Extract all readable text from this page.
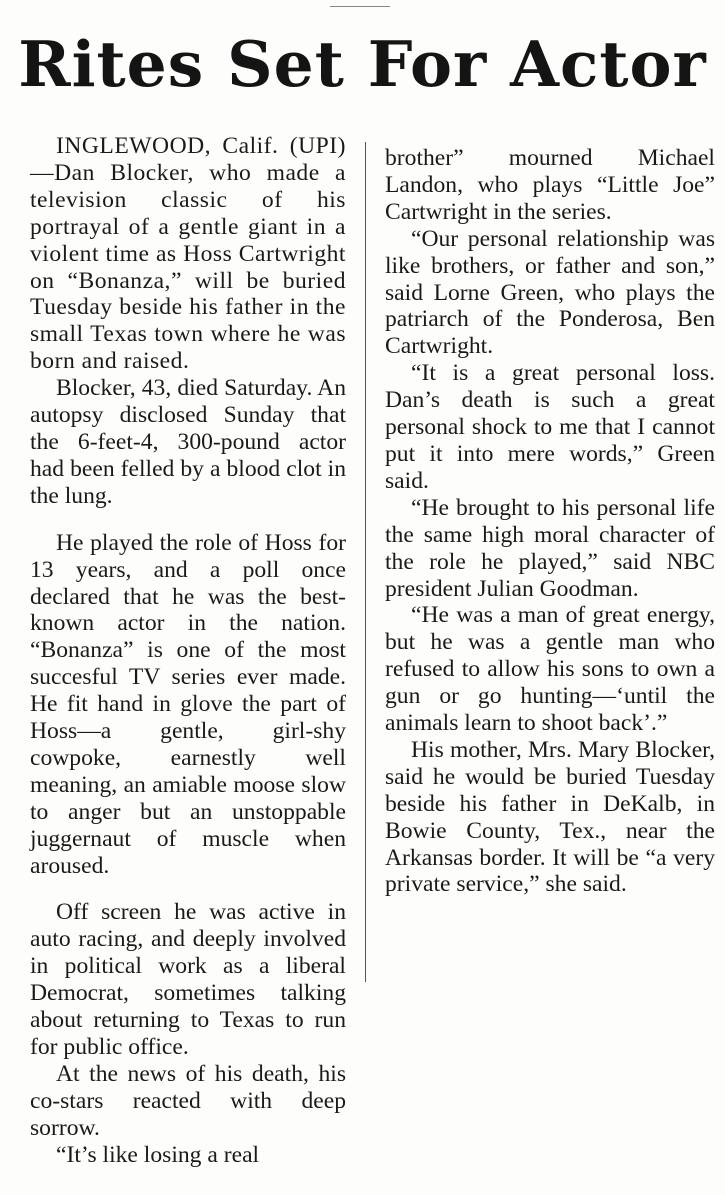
Rites Set For Actor

INGLEWOOD, Calif. (UPI)—Dan Blocker, who made a television classic of his portrayal of a gentle giant in a violent time as Hoss Cartwright on “Bonanza,” will be buried Tuesday beside his father in the small Texas town where he was born and raised.

Blocker, 43, died Saturday. An autopsy disclosed Sunday that the 6-feet-4, 300-pound actor had been felled by a blood clot in the lung.

He played the role of Hoss for 13 years, and a poll once declared that he was the best-known actor in the nation. “Bonanza” is one of the most succesful TV series ever made. He fit hand in glove the part of Hoss—a gentle, girl-shy cowpoke, earnestly well meaning, an amiable moose slow to anger but an unstoppable juggernaut of muscle when aroused.

Off screen he was active in auto racing, and deeply involved in political work as a liberal Democrat, sometimes talking about returning to Texas to run for public office.

At the news of his death, his co-stars reacted with deep sorrow.

“It’s like losing a real

brother” mourned Michael Landon, who plays “Little Joe” Cartwright in the series.

“Our personal relationship was like brothers, or father and son,” said Lorne Green, who plays the patriarch of the Ponderosa, Ben Cartwright.

“It is a great personal loss. Dan’s death is such a great personal shock to me that I cannot put it into mere words,” Green said.

“He brought to his personal life the same high moral character of the role he played,” said NBC president Julian Goodman.

“He was a man of great energy, but he was a gentle man who refused to allow his sons to own a gun or go hunting—‘until the animals learn to shoot back’.”

His mother, Mrs. Mary Blocker, said he would be buried Tuesday beside his father in DeKalb, in Bowie County, Tex., near the Arkansas border. It will be “a very private service,” she said.
